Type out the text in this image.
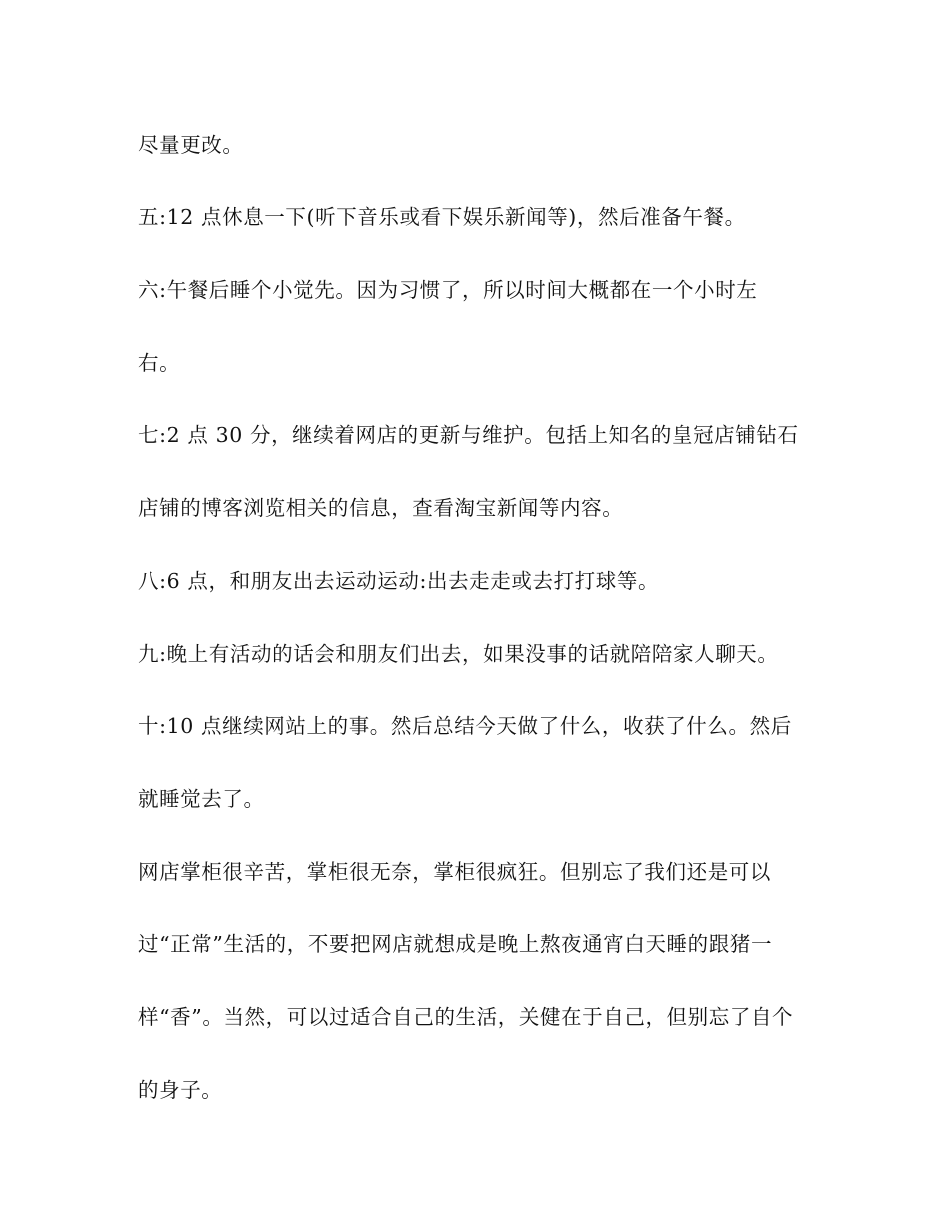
尽量更改。

五:12 点休息一下(听下音乐或看下娱乐新闻等)，然后准备午餐。

六:午餐后睡个小觉先。因为习惯了，所以时间大概都在一个小时左

右。

七:2 点 30 分，继续着网店的更新与维护。包括上知名的皇冠店铺钻石

店铺的博客浏览相关的信息，查看淘宝新闻等内容。

八:6 点，和朋友出去运动运动:出去走走或去打打球等。

九:晚上有活动的话会和朋友们出去，如果没事的话就陪陪家人聊天。

十:10 点继续网站上的事。然后总结今天做了什么，收获了什么。然后

就睡觉去了。

网店掌柜很辛苦，掌柜很无奈，掌柜很疯狂。但别忘了我们还是可以

过“正常”生活的，不要把网店就想成是晚上熬夜通宵白天睡的跟猪一

样“香”。当然，可以过适合自己的生活，关健在于自己，但别忘了自个

的身子。
